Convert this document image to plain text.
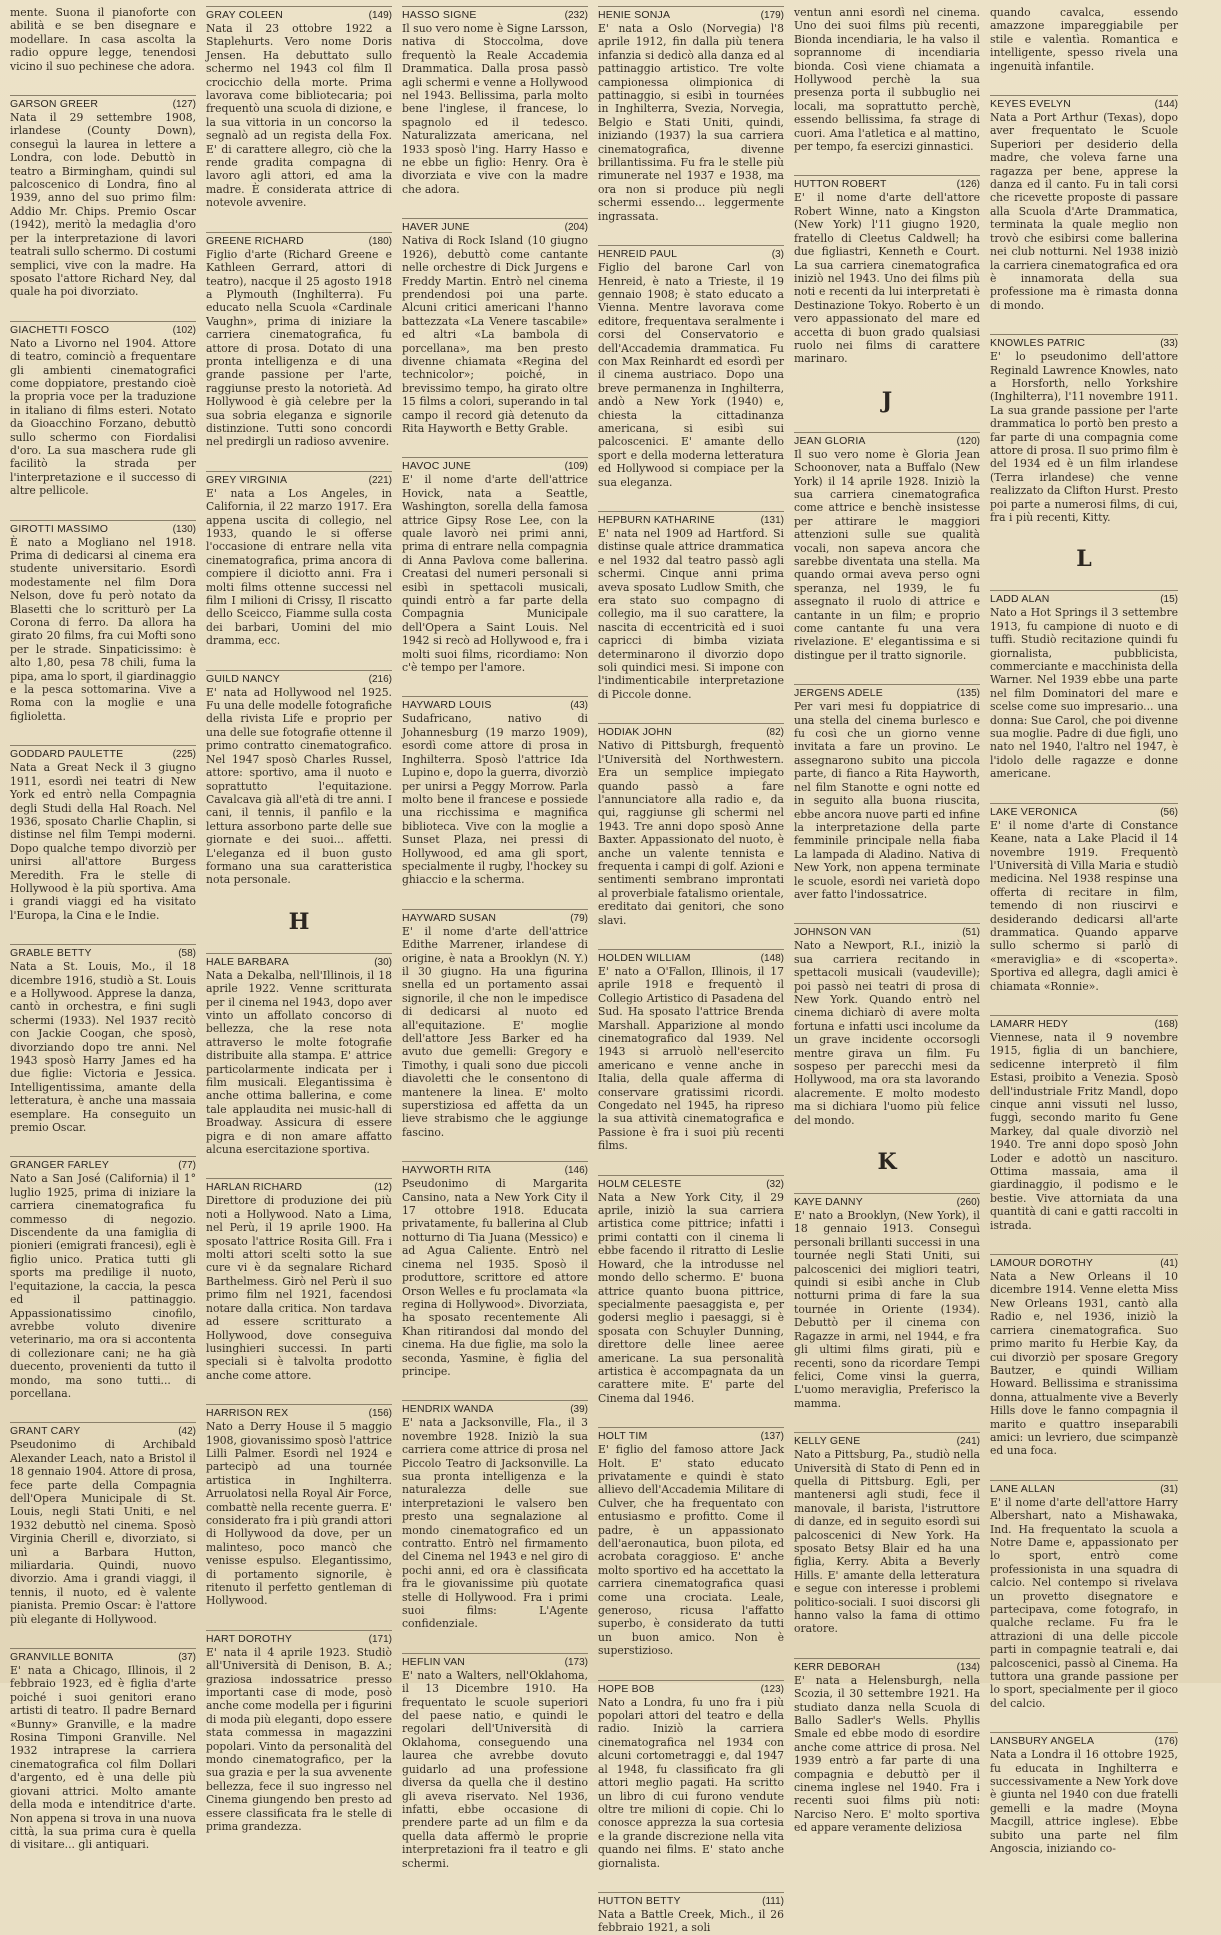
mente. Suona il pianoforte con abilità e se ben disegnare e modellare. In casa ascolta la radio oppure legge, tenendosi vicino il suo pechinese che adora.

GARSON GREER	(127)

Nata il 29 settembre 1908, irlandese (County Down), conseguì la laurea in lettere a Londra, con lode. Debuttò in teatro a Birmingham, quindi sul palcoscenico di Londra, fino al 1939, anno del suo primo film: Addio Mr. Chips. Premio Oscar (1942), meritò la medaglia d'oro per la interpretazione di lavori teatrali sullo schermo. Di costumi semplici, vive con la madre. Ha sposato l'attore Richard Ney, dal quale ha poi divorziato.

GIACHETTI FOSCO	(102)

Nato a Livorno nel 1904. Attore di teatro, cominciò a frequentare gli ambienti cinematografici come doppiatore, prestando cioè la propria voce per la traduzione in italiano di films esteri. Notato da Gioacchino Forzano, debuttò sullo schermo con Fiordalisi d'oro. La sua maschera rude gli facilitò la strada per l'interpretazione e il successo di altre pellicole.

GIROTTI MASSIMO	(130)

È nato a Mogliano nel 1918. Prima di dedicarsi al cinema era studente universitario. Esordì modestamente nel film Dora Nelson, dove fu però notato da Blasetti che lo scritturò per La Corona di ferro. Da allora ha girato 20 films, fra cui Mofti sono per le strade. Sinpaticissimo: è alto 1,80, pesa 78 chili, fuma la pipa, ama lo sport, il giardinaggio e la pesca sottomarina. Vive a Roma con la moglie e una figlioletta.

GODDARD PAULETTE	(225)

Nata a Great Neck il 3 giugno 1911, esordì nei teatri di New York ed entrò nella Compagnia degli Studi della Hal Roach. Nel 1936, sposato Charlie Chaplin, si distinse nel film Tempi moderni. Dopo qualche tempo divorziò per unirsi all'attore Burgess Meredith. Fra le stelle di Hollywood è la più sportiva. Ama i grandi viaggi ed ha visitato l'Europa, la Cina e le Indie.

GRABLE BETTY	(58)

Nata a St. Louis, Mo., il 18 dicembre 1916, studiò a St. Louis e a Hollywood. Apprese la danza, cantò in orchestra, e fini sugli schermi (1933). Nel 1937 recitò con Jackie Coogan, che sposò, divorziando dopo tre anni. Nel 1943 sposò Harry James ed ha due figlie: Victoria e Jessica. Intelligentissima, amante della letteratura, è anche una massaia esemplare. Ha conseguito un premio Oscar.

GRANGER FARLEY	(77)

Nato a San José (California) il 1° luglio 1925, prima di iniziare la carriera cinematografica fu commesso di negozio. Discendente da una famiglia di pionieri (emigrati francesi), egli è figlio unico. Pratica tutti gli sports ma predilige il nuoto, l'equitazione, la caccia, la pesca ed il pattinaggio. Appassionatissimo cinofilo, avrebbe voluto divenire veterinario, ma ora si accontenta di collezionare cani; ne ha già duecento, provenienti da tutto il mondo, ma sono tutti... di porcellana.

GRANT CARY	(42)

Pseudonimo di Archibald Alexander Leach, nato a Bristol il 18 gennaio 1904. Attore di prosa, fece parte della Compagnia dell'Opera Municipale di St. Louis, negli Stati Uniti, e nel 1932 debuttò nel cinema. Sposò Virginia Cherill e, divorziato, si unì a Barbara Hutton, miliardaria. Quindi, nuovo divorzio. Ama i grandi viaggi, il tennis, il nuoto, ed è valente pianista. Premio Oscar: è l'attore più elegante di Hollywood.

GRANVILLE BONITA	(37)

E' nata a Chicago, Illinois, il 2 febbraio 1923, ed è figlia d'arte poiché i suoi genitori erano artisti di teatro. Il padre Bernard «Bunny» Granville, e la madre Rosina Timponi Granville. Nel 1932 intraprese la carriera cinematografica col film Dollari d'argento, ed è una delle più giovani attrici. Molto amante della moda e intenditrice d'arte. Non appena si trova in una nuova città, la sua prima cura è quella di visitare... gli antiquari.

GRAY COLEEN	(149)

Nata il 23 ottobre 1922 a Staplehurts. Vero nome Doris Jensen. Ha debuttato sullo schermo nel 1943 col film Il crocicchio della morte. Prima lavorava come bibliotecaria; poi frequentò una scuola di dizione, e la sua vittoria in un concorso la segnalò ad un regista della Fox. E' di carattere allegro, ciò che la rende gradita compagna di lavoro agli attori, ed ama la madre. È considerata attrice di notevole avvenire.

GREENE RICHARD	(180)

Figlio d'arte (Richard Greene e Kathleen Gerrard, attori di teatro), nacque il 25 agosto 1918 a Plymouth (Inghilterra). Fu educato nella Scuola «Cardinale Vaughn», prima di iniziare la carriera cinematografica, fu attore di prosa. Dotato di una pronta intelligenza e di una grande passione per l'arte, raggiunse presto la notorietà. Ad Hollywood è già celebre per la sua sobria eleganza e signorile distinzione. Tutti sono concordi nel predirgli un radioso avvenire.

GREY VIRGINIA	(221)

E' nata a Los Angeles, in California, il 22 marzo 1917. Era appena uscita di collegio, nel 1933, quando le si offerse l'occasione di entrare nella vita cinematografica, prima ancora di compiere il diciotto anni. Fra i molti films ottenne successi nel film I milioni di Crissy, Il riscatto dello Sceicco, Fiamme sulla costa dei barbari, Uomini del mio dramma, ecc.

GUILD NANCY	(216)

E' nata ad Hollywood nel 1925. Fu una delle modelle fotografiche della rivista Life e proprio per una delle sue fotografie ottenne il primo contratto cinematografico. Nel 1947 sposò Charles Russel, attore: sportivo, ama il nuoto e soprattutto l'equitazione. Cavalcava già all'età di tre anni. I cani, il tennis, il panfilo e la lettura assorbono parte delle sue giornate e dei suoi... affetti. L'eleganza ed il buon gusto formano una sua caratteristica nota personale.

H
HALE BARBARA	(30)

Nata a Dekalba, nell'Illinois, il 18 aprile 1922. Venne scritturata per il cinema nel 1943, dopo aver vinto un affollato concorso di bellezza, che la rese nota attraverso le molte fotografie distribuite alla stampa. E' attrice particolarmente indicata per i film musicali. Elegantissima è anche ottima ballerina, e come tale applaudita nei music-hall di Broadway. Assicura di essere pigra e di non amare affatto alcuna esercitazione sportiva.

HARLAN RICHARD	(12)

Direttore di produzione dei più noti a Hollywood. Nato a Lima, nel Perù, il 19 aprile 1900. Ha sposato l'attrice Rosita Gill. Fra i molti attori scelti sotto la sue cure vi è da segnalare Richard Barthelmess. Girò nel Perù il suo primo film nel 1921, facendosi notare dalla critica. Non tardava ad essere scritturato a Hollywood, dove conseguiva lusinghieri successi. In parti speciali si è talvolta prodotto anche come attore.

HARRISON REX	(156)

Nato a Derry House il 5 maggio 1908, giovanissimo sposò l'attrice Lilli Palmer. Esordì nel 1924 e partecipò ad una tournée artistica in Inghilterra. Arruolatosi nella Royal Air Force, combattè nella recente guerra. E' considerato fra i più grandi attori di Hollywood da dove, per un malinteso, poco mancò che venisse espulso. Elegantissimo, di portamento signorile, è ritenuto il perfetto gentleman di Hollywood.

HART DOROTHY	(171)

E' nata il 4 aprile 1923. Studiò all'Università di Denison, B. A.; graziosa indossatrice presso importanti case di mode, posò anche come modella per i figurini di moda più eleganti, dopo essere stata commessa in magazzini popolari. Vinto da personalità del mondo cinematografico, per la sua grazia e per la sua avvenente bellezza, fece il suo ingresso nel Cinema giungendo ben presto ad essere classificata fra le stelle di prima grandezza.

HASSO SIGNE	(232)

Il suo vero nome è Signe Larsson, nativa di Stoccolma, dove frequentò la Reale Accademia Drammatica. Dalla prosa passò agli schermi e venne a Hollywood nel 1943. Bellissima, parla molto bene l'inglese, il francese, lo spagnolo ed il tedesco. Naturalizzata americana, nel 1933 sposò l'ing. Harry Hasso e ne ebbe un figlio: Henry. Ora è divorziata e vive con la madre che adora.

HAVER JUNE	(204)

Nativa di Rock Island (10 giugno 1926), debuttò come cantante nelle orchestre di Dick Jurgens e Freddy Martin. Entrò nel cinema prendendosi poi una parte. Alcuni critici americani l'hanno battezzata «La Venere tascabile» ed altri «La bambola di porcellana», ma ben presto divenne chiamata «Regina del technicolor»; poiché, in brevissimo tempo, ha girato oltre 15 films a colori, superando in tal campo il record già detenuto da Rita Hayworth e Betty Grable.

HAVOC JUNE	(109)

E' il nome d'arte dell'attrice Hovick, nata a Seattle, Washington, sorella della famosa attrice Gipsy Rose Lee, con la quale lavorò nei primi anni, prima di entrare nella compagnia di Anna Pavlova come ballerina. Creatasi del numeri personali si esibì in spettacoli musicali, quindi entrò a far parte della Compagnia Municipale dell'Opera a Saint Louis. Nel 1942 si recò ad Hollywood e, fra i molti suoi films, ricordiamo: Non c'è tempo per l'amore.

HAYWARD LOUIS	(43)

Sudafricano, nativo di Johannesburg (19 marzo 1909), esordì come attore di prosa in Inghilterra. Sposò l'attrice Ida Lupino e, dopo la guerra, divorziò per unirsi a Peggy Morrow. Parla molto bene il francese e possiede una ricchissima e magnifica biblioteca. Vive con la moglie a Sunset Plaza, nei pressi di Hollywood, ed ama gli sport, specialmente il rugby, l'hockey su ghiaccio e la scherma.

HAYWARD SUSAN	(79)

E' il nome d'arte dell'attrice Edithe Marrener, irlandese di origine, è nata a Brooklyn (N. Y.) il 30 giugno. Ha una figurina snella ed un portamento assai signorile, il che non le impedisce di dedicarsi al nuoto ed all'equitazione. E' moglie dell'attore Jess Barker ed ha avuto due gemelli: Gregory e Timothy, i quali sono due piccoli diavoletti che le consentono di mantenere la linea. E' molto superstiziosa ed affetta da un lieve strabismo che le aggiunge fascino.

HAYWORTH RITA	(146)

Pseudonimo di Margarita Cansino, nata a New York City il 17 ottobre 1918. Educata privatamente, fu ballerina al Club notturno di Tia Juana (Messico) e ad Agua Caliente. Entrò nel cinema nel 1935. Sposò il produttore, scrittore ed attore Orson Welles e fu proclamata «la regina di Hollywood». Divorziata, ha sposato recentemente Ali Khan ritirandosi dal mondo del cinema. Ha due figlie, ma solo la seconda, Yasmine, è figlia del principe.

HENDRIX WANDA	(39)

E' nata a Jacksonville, Fla., il 3 novembre 1928. Iniziò la sua carriera come attrice di prosa nel Piccolo Teatro di Jacksonville. La sua pronta intelligenza e la naturalezza delle sue interpretazioni le valsero ben presto una segnalazione al mondo cinematografico ed un contratto. Entrò nel firmamento del Cinema nel 1943 e nel giro di pochi anni, ed ora è classificata fra le giovanissime più quotate stelle di Hollywood. Fra i primi suoi films: L'Agente confidenziale.

HEFLIN VAN	(173)

E' nato a Walters, nell'Oklahoma, il 13 Dicembre 1910. Ha frequentato le scuole superiori del paese natio, e quindi le regolari dell'Università di Oklahoma, conseguendo una laurea che avrebbe dovuto guidarlo ad una professione diversa da quella che il destino gli aveva riservato. Nel 1936, infatti, ebbe occasione di prendere parte ad un film e da quella data affermò le proprie interpretazioni fra il teatro e gli schermi.

HENIE SONJA	(179)

E' nata a Oslo (Norvegia) l'8 aprile 1912, fin dalla più tenera infanzia si dedicò alla danza ed al pattinaggio artistico. Tre volte campionessa olimpionica di pattinaggio, si esibì in tournées in Inghilterra, Svezia, Norvegia, Belgio e Stati Uniti, quindi, iniziando (1937) la sua carriera cinematografica, divenne brillantissima. Fu fra le stelle più rimunerate nel 1937 e 1938, ma ora non si produce più negli schermi essendo... leggermente ingrassata.

HENREID PAUL	(3)

Figlio del barone Carl von Henreid, è nato a Trieste, il 19 gennaio 1908; è stato educato a Vienna. Mentre lavorava come editore, frequentava seralmente i corsi del Conservatorio e dell'Accademia drammatica. Fu con Max Reinhardt ed esordì per il cinema austriaco. Dopo una breve permanenza in Inghilterra, andò a New York (1940) e, chiesta la cittadinanza americana, si esibì sui palcoscenici. E' amante dello sport e della moderna letteratura ed Hollywood si compiace per la sua eleganza.

HEPBURN KATHARINE	(131)

E' nata nel 1909 ad Hartford. Si distinse quale attrice drammatica e nel 1932 dal teatro passò agli schermi. Cinque anni prima aveva sposato Ludlow Smith, che era stato suo compagno di collegio, ma il suo carattere, la nascita di eccentricità ed i suoi capricci di bimba viziata determinarono il divorzio dopo soli quindici mesi. Si impone con l'indimenticabile interpretazione di Piccole donne.

HODIAK JOHN	(82)

Nativo di Pittsburgh, frequentò l'Università del Northwestern. Era un semplice impiegato quando passò a fare l'annunciatore alla radio e, da qui, raggiunse gli schermi nel 1943. Tre anni dopo sposò Anne Baxter. Appassionato del nuoto, è anche un valente tennista e frequenta i campi di golf. Azioni e sentimenti sembrano improntati al proverbiale fatalismo orientale, ereditato dai genitori, che sono slavi.

HOLDEN WILLIAM	(148)

E' nato a O'Fallon, Illinois, il 17 aprile 1918 e frequentò il Collegio Artistico di Pasadena del Sud. Ha sposato l'attrice Brenda Marshall. Apparizione al mondo cinematografico dal 1939. Nel 1943 si arruolò nell'esercito americano e venne anche in Italia, della quale afferma di conservare gratissimi ricordi. Congedato nel 1945, ha ripreso la sua attività cinematografica e Passione è fra i suoi più recenti films.

HOLM CELESTE	(32)

Nata a New York City, il 29 aprile, iniziò la sua carriera artistica come pittrice; infatti i primi contatti con il cinema li ebbe facendo il ritratto di Leslie Howard, che la introdusse nel mondo dello schermo. E' buona attrice quanto buona pittrice, specialmente paesaggista e, per godersi meglio i paesaggi, si è sposata con Schuyler Dunning, direttore delle linee aeree americane. La sua personalità artistica è accompagnata da un carattere mite. E' parte del Cinema dal 1946.

HOLT TIM	(137)

E' figlio del famoso attore Jack Holt. E' stato educato privatamente e quindi è stato allievo dell'Accademia Militare di Culver, che ha frequentato con entusiasmo e profitto. Come il padre, è un appassionato dell'aeronautica, buon pilota, ed acrobata coraggioso. E' anche molto sportivo ed ha accettato la carriera cinematografica quasi come una crociata. Leale, generoso, ricusa l'affatto superbo, è considerato da tutti un buon amico. Non è superstizioso.

HOPE BOB	(123)

Nato a Londra, fu uno fra i più popolari attori del teatro e della radio. Iniziò la carriera cinematografica nel 1934 con alcuni cortometraggi e, dal 1947 al 1948, fu classificato fra gli attori meglio pagati. Ha scritto un libro di cui furono vendute oltre tre milioni di copie. Chi lo conosce apprezza la sua cortesia e la grande discrezione nella vita quando nei films. E' stato anche giornalista.

HUTTON BETTY	(111)

Nata a Battle Creek, Mich., il 26 febbraio 1921, a soli

ventun anni esordì nel cinema. Uno dei suoi films più recenti, Bionda incendiaria, le ha valso il soprannome di incendiaria bionda. Così viene chiamata a Hollywood perchè la sua presenza porta il subbuglio nei locali, ma soprattutto perchè, essendo bellissima, fa strage di cuori. Ama l'atletica e al mattino, per tempo, fa esercizi ginnastici.

HUTTON ROBERT	(126)

E' il nome d'arte dell'attore Robert Winne, nato a Kingston (New York) l'11 giugno 1920, fratello di Cleetus Caldwell; ha due figliastri, Kenneth e Court. La sua carriera cinematografica iniziò nel 1943. Uno dei films più noti e recenti da lui interpretati è Destinazione Tokyo. Roberto è un vero appassionato del mare ed accetta di buon grado qualsiasi ruolo nei films di carattere marinaro.

J
JEAN GLORIA	(120)

Il suo vero nome è Gloria Jean Schoonover, nata a Buffalo (New York) il 14 aprile 1928. Iniziò la sua carriera cinematografica come attrice e benchè insistesse per attirare le maggiori attenzioni sulle sue qualità vocali, non sapeva ancora che sarebbe diventata una stella. Ma quando ormai aveva perso ogni speranza, nel 1939, le fu assegnato il ruolo di attrice e cantante in un film; e proprio come cantante fu una vera rivelazione. E' elegantissima e si distingue per il tratto signorile.

JERGENS ADELE	(135)

Per vari mesi fu doppiatrice di una stella del cinema burlesco e fu così che un giorno venne invitata a fare un provino. Le assegnarono subito una piccola parte, di fianco a Rita Hayworth, nel film Stanotte e ogni notte ed in seguito alla buona riuscita, ebbe ancora nuove parti ed infine la interpretazione della parte femminile principale nella fiaba La lampada di Aladino. Nativa di New York, non appena terminate le scuole, esordì nei varietà dopo aver fatto l'indossatrice.

JOHNSON VAN	(51)

Nato a Newport, R.I., iniziò la sua carriera recitando in spettacoli musicali (vaudeville); poi passò nei teatri di prosa di New York. Quando entrò nel cinema dichiarò di avere molta fortuna e infatti usci incolume da un grave incidente occorsogli mentre girava un film. Fu sospeso per parecchi mesi da Hollywood, ma ora sta lavorando alacremente. E molto modesto ma si dichiara l'uomo più felice del mondo.

K
KAYE DANNY	(260)

E' nato a Brooklyn, (New York), il 18 gennaio 1913. Conseguì personali brillanti successi in una tournée negli Stati Uniti, sui palcoscenici dei migliori teatri, quindi si esibì anche in Club notturni prima di fare la sua tournée in Oriente (1934). Debuttò per il cinema con Ragazze in armi, nel 1944, e fra gli ultimi films girati, più e recenti, sono da ricordare Tempi felici, Come vinsi la guerra, L'uomo meraviglia, Preferisco la mamma.

KELLY GENE	(241)

Nato a Pittsburg, Pa., studiò nella Università di Stato di Penn ed in quella di Pittsburg. Egli, per mantenersi agli studi, fece il manovale, il barista, l'istruttore di danze, ed in seguito esordì sui palcoscenici di New York. Ha sposato Betsy Blair ed ha una figlia, Kerry. Abita a Beverly Hills. E' amante della letteratura e segue con interesse i problemi politico-sociali. I suoi discorsi gli hanno valso la fama di ottimo oratore.

KERR DEBORAH	(134)

E' nata a Helensburgh, nella Scozia, il 30 settembre 1921. Ha studiato danza nella Scuola di Ballo Sadler's Wells. Phyllis Smale ed ebbe modo di esordire anche come attrice di prosa. Nel 1939 entrò a far parte di una compagnia e debuttò per il cinema inglese nel 1940. Fra i recenti suoi films più noti: Narciso Nero. E' molto sportiva ed appare veramente deliziosa

quando cavalca, essendo amazzone impareggiabile per stile e valentìa. Romantica e intelligente, spesso rivela una ingenuità infantile.

KEYES EVELYN	(144)

Nata a Port Arthur (Texas), dopo aver frequentato le Scuole Superiori per desiderio della madre, che voleva farne una ragazza per bene, apprese la danza ed il canto. Fu in tali corsi che ricevette proposte di passare alla Scuola d'Arte Drammatica, terminata la quale meglio non trovò che esibirsi come ballerina nei club notturni. Nel 1938 iniziò la carriera cinematografica ed ora è innamorata della sua professione ma è rimasta donna di mondo.

KNOWLES PATRIC	(33)

E' lo pseudonimo dell'attore Reginald Lawrence Knowles, nato a Horsforth, nello Yorkshire (Inghilterra), l'11 novembre 1911. La sua grande passione per l'arte drammatica lo portò ben presto a far parte di una compagnia come attore di prosa. Il suo primo film è del 1934 ed è un film irlandese (Terra irlandese) che venne realizzato da Clifton Hurst. Presto poi parte a numerosi films, di cui, fra i più recenti, Kitty.

L
LADD ALAN	(15)

Nato a Hot Springs il 3 settembre 1913, fu campione di nuoto e di tuffi. Studiò recitazione quindi fu giornalista, pubblicista, commerciante e macchinista della Warner. Nel 1939 ebbe una parte nel film Dominatori del mare e scelse come suo impresario... una donna: Sue Carol, che poi divenne sua moglie. Padre di due figli, uno nato nel 1940, l'altro nel 1947, è l'idolo delle ragazze e donne americane.

LAKE VERONICA	(56)

E' il nome d'arte di Constance Keane, nata a Lake Placid il 14 novembre 1919. Frequentò l'Università di Villa Maria e studiò medicina. Nel 1938 respinse una offerta di recitare in film, temendo di non riuscirvi e desiderando dedicarsi all'arte drammatica. Quando apparve sullo schermo si parlò di «meraviglia» e di «scoperta». Sportiva ed allegra, dagli amici è chiamata «Ronnie».

LAMARR HEDY	(168)

Viennese, nata il 9 novembre 1915, figlia di un banchiere, sedicenne interpretò il film Estasi, proibito a Venezia. Sposò dell'industriale Fritz Mandl, dopo cinque anni vissuti nel lusso, fuggì, secondo marito fu Gene Markey, dal quale divorziò nel 1940. Tre anni dopo sposò John Loder e adottò un nascituro. Ottima massaia, ama il giardinaggio, il podismo e le bestie. Vive attorniata da una quantità di cani e gatti raccolti in istrada.

LAMOUR DOROTHY	(41)

Nata a New Orleans il 10 dicembre 1914. Venne eletta Miss New Orleans 1931, cantò alla Radio e, nel 1936, iniziò la carriera cinematografica. Suo primo marito fu Herbie Kay, da cui divorziò per sposare Gregory Bautzer, e quindi William Howard. Bellissima e stranissima donna, attualmente vive a Beverly Hills dove le fanno compagnia il marito e quattro inseparabili amici: un levriero, due scimpanzè ed una foca.

LANE ALLAN	(31)

E' il nome d'arte dell'attore Harry Albershart, nato a Mishawaka, Ind. Ha frequentato la scuola a Notre Dame e, appassionato per lo sport, entrò come professionista in una squadra di calcio. Nel contempo si rivelava un provetto disegnatore e partecipava, come fotografo, in qualche reclame. Fu fra le attrazioni di una delle piccole parti in compagnie teatrali e, dai palcoscenici, passò al Cinema. Ha tuttora una grande passione per lo sport, specialmente per il gioco del calcio.

LANSBURY ANGELA	(176)

Nata a Londra il 16 ottobre 1925, fu educata in Inghilterra e successivamente a New York dove è giunta nel 1940 con due fratelli gemelli e la madre (Moyna Macgill, attrice inglese). Ebbe subito una parte nel film Angoscia, iniziando co-
